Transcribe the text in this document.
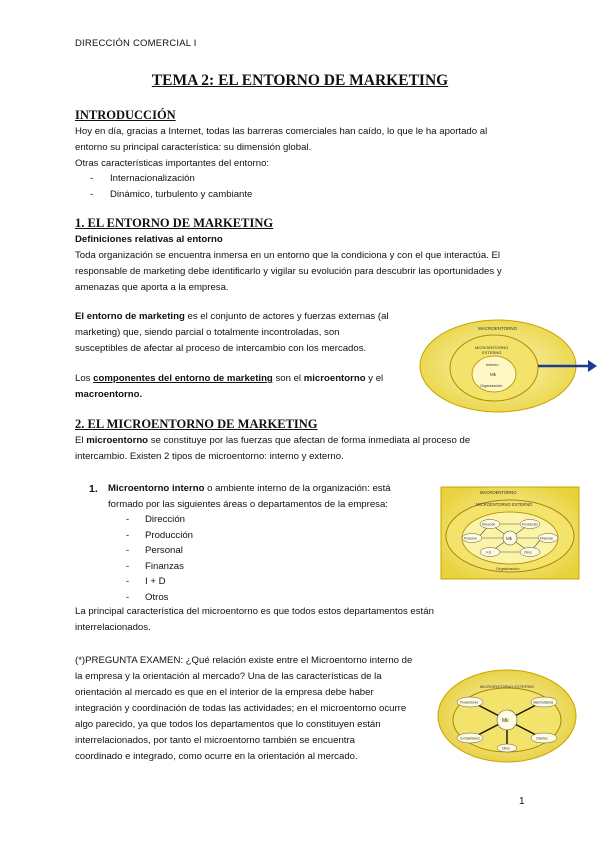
DIRECCIÓN COMERCIAL I
TEMA 2: EL ENTORNO DE MARKETING
INTRODUCCIÓN
Hoy en día, gracias a Internet, todas las barreras comerciales han caído, lo que le ha aportado al
entorno su principal característica: su dimensión global.
Otras características importantes del entorno:
- Internacionalización
- Dinámico, turbulento y cambiante
1. EL ENTORNO DE MARKETING
Definiciones relativas al entorno
Toda organización se encuentra inmersa en un entorno que la condiciona y con el que interactúa. El
responsable de marketing debe identificarlo y vigilar su evolución para descubrir las oportunidades y
amenazas que aporta a la empresa.
El entorno de marketing es el conjunto de actores y fuerzas externas (al
marketing) que, siendo parcial o totalmente incontroladas, son
susceptibles de afectar al proceso de intercambio con los mercados.
Los componentes del entorno de marketing son el microentorno y el
macroentorno.
MACROENTORNO
MICROENTORNO
EXTERNO
Interno
Mk
Organización
2. EL MICROENTORNO DE MARKETING
El microentorno se constituye por las fuerzas que afectan de forma inmediata al proceso de
intercambio. Existen 2 tipos de microentorno: interno y externo.
1. Microentorno interno o ambiente interno de la organización: está
formado por las siguientes áreas o departamentos de la empresa:
- Dirección
- Producción
- Personal
- Finanzas
- I + D
- Otros
MACROENTORNO
MICROENTORNO EXTERNO
Organización
Mk
Dirección	Producción
Personal	Finanzas
I+D	Otros
La principal característica del microentorno es que todos estos departamentos están
interrelacionados.
(*)PREGUNTA EXAMEN: ¿Qué relación existe entre el Microentorno interno de
la empresa y la orientación al mercado? Una de las características de la
orientación al mercado es que en el interior de la empresa debe haber
integración y coordinación de todas las actividades; en el microentorno ocurre
algo parecido, ya que todos los departamentos que lo constituyen están
interrelacionados, por tanto el microentorno también se encuentra
coordinado e integrado, como ocurre en la orientación al mercado.
MICROENTORNO EXTERNO
Mk
Proveedores	Intermediarios
Competidores	Clientes
Otros
1
